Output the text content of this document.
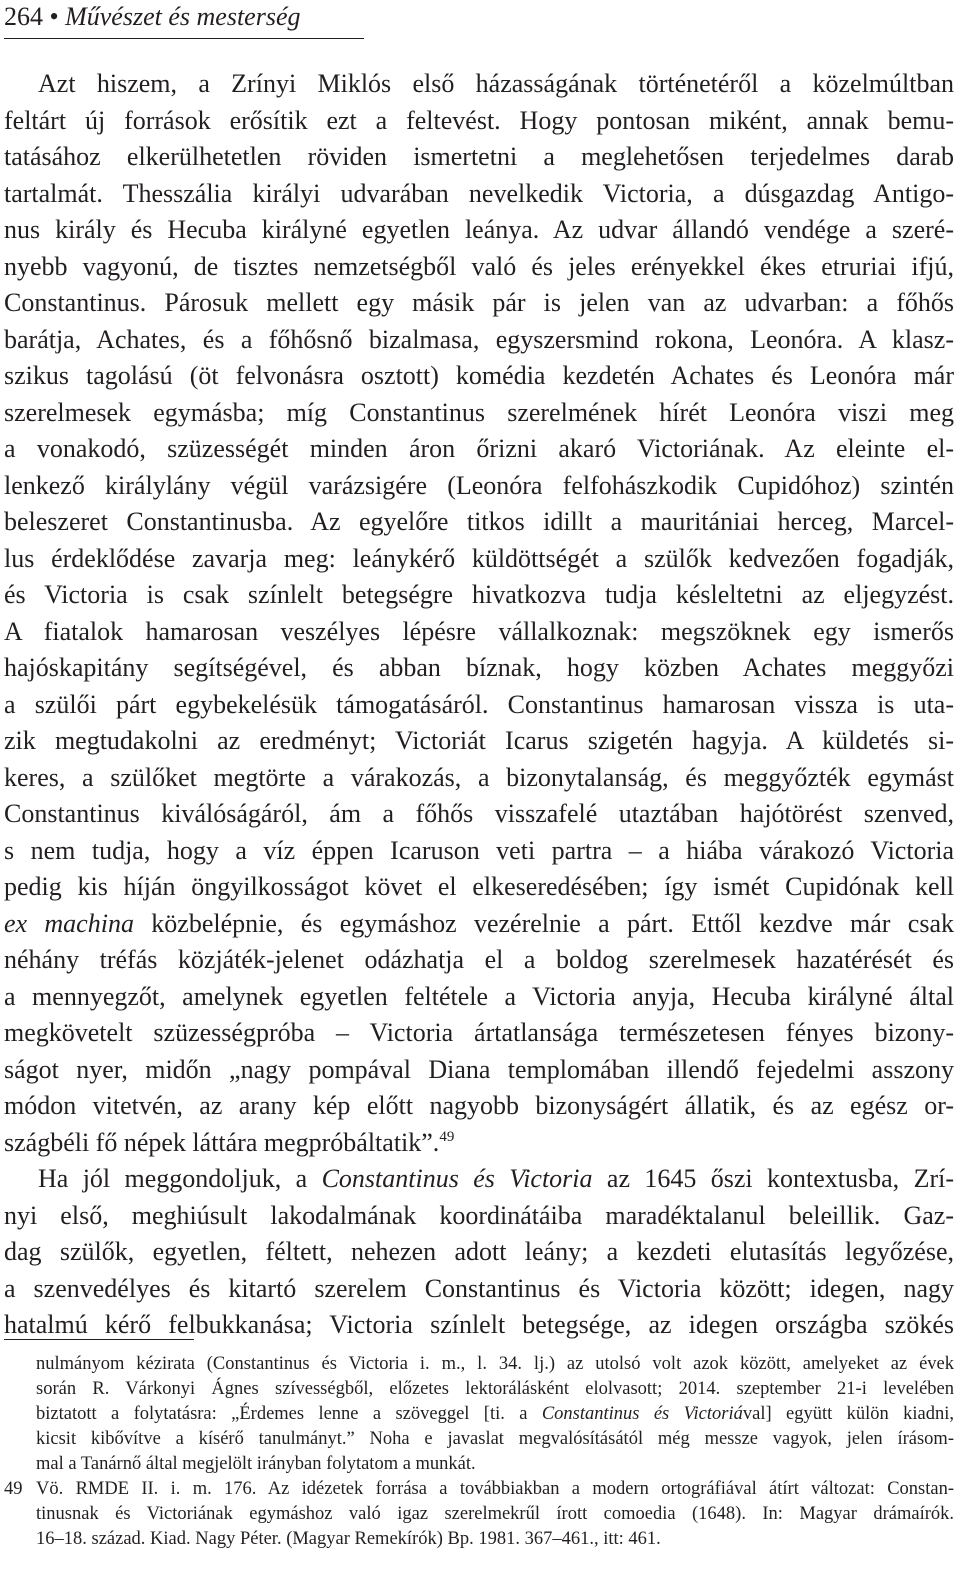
264 • Művészet és mesterség
Azt hiszem, a Zrínyi Miklós első házasságának történetéről a közelmúltban
feltárt új források erősítik ezt a feltevést. Hogy pontosan miként, annak bemu-
tatásához elkerülhetetlen röviden ismertetni a meglehetősen terjedelmes darab
tartalmát. Thesszália királyi udvarában nevelkedik Victoria, a dúsgazdag Antigo-
nus király és Hecuba királyné egyetlen leánya. Az udvar állandó vendége a szeré-
nyebb vagyonú, de tisztes nemzetségből való és jeles erényekkel ékes etruriai ifjú,
Constantinus. Párosuk mellett egy másik pár is jelen van az udvarban: a főhős
barátja, Achates, és a főhősnő bizalmasa, egyszersmind rokona, Leonóra. A klasz-
szikus tagolású (öt felvonásra osztott) komédia kezdetén Achates és Leonóra már
szerelmesek egymásba; míg Constantinus szerelmének hírét Leonóra viszi meg
a vonakodó, szüzességét minden áron őrizni akaró Victoriának. Az eleinte el-
lenkező királylány végül varázsigére (Leonóra felfohászkodik Cupidóhoz) szintén
beleszeret Constantinusba. Az egyelőre titkos idillt a mauritániai herceg, Marcel-
lus érdeklődése zavarja meg: leánykérő küldöttségét a szülők kedvezően fogadják,
és Victoria is csak színlelt betegségre hivatkozva tudja késleltetni az eljegyzést.
A fiatalok hamarosan veszélyes lépésre vállalkoznak: megszöknek egy ismerős
hajóskapitány segítségével, és abban bíznak, hogy közben Achates meggyőzi
a szülői párt egybekelésük támogatásáról. Constantinus hamarosan vissza is uta-
zik megtudakolni az eredményt; Victoriát Icarus szigetén hagyja. A küldetés si-
keres, a szülőket megtörte a várakozás, a bizonytalanság, és meggyőzték egymást
Constantinus kiválóságáról, ám a főhős visszafelé utaztában hajótörést szenved,
s nem tudja, hogy a víz éppen Icaruson veti partra – a hiába várakozó Victoria
pedig kis híján öngyilkosságot követ el elkeseredésében; így ismét Cupidónak kell
ex machina közbelépnie, és egymáshoz vezérelnie a párt. Ettől kezdve már csak
néhány tréfás közjáték-jelenet odázhatja el a boldog szerelmesek hazatérését és
a mennyegzőt, amelynek egyetlen feltétele a Victoria anyja, Hecuba királyné által
megkövetelt szüzességpróba – Victoria ártatlansága természetesen fényes bizony-
ságot nyer, midőn „nagy pompával Diana templomában illendő fejedelmi asszony
módon vitetvén, az arany kép előtt nagyobb bizonyságért állatik, és az egész or-
szágbéli fő népek láttára megpróbáltatik”.$^{49}$
Ha jól meggondoljuk, a Constantinus és Victoria az 1645 őszi kontextusba, Zrí-
nyi első, meghiúsult lakodalmának koordinátáiba maradéktalanul beleillik. Gaz-
dag szülők, egyetlen, féltett, nehezen adott leány; a kezdeti elutasítás legyőzése,
a szenvedélyes és kitartó szerelem Constantinus és Victoria között; idegen, nagy
hatalmú kérő felbukkanása; Victoria színlelt betegsége, az idegen országba szökés
nulmányom kézirata (Constantinus és Victoria i. m., l. 34. lj.) az utolsó volt azok között, amelyeket az évek
során R. Várkonyi Ágnes szívességből, előzetes lektorálásként elolvasott; 2014. szeptember 21-i levelében
biztatott a folytatásra: „Érdemes lenne a szöveggel [ti. a Constantinus és Victoriával] együtt külön kiadni,
kicsit kibővítve a kísérő tanulmányt.” Noha e javaslat megvalósításától még messze vagyok, jelen írásom-
mal a Tanárnő által megjelölt irányban folytatom a munkát.
49 Vö. RMDE II. i. m. 176. Az idézetek forrása a továbbiakban a modern ortográfiával átírt változat: Constan-
tinusnak és Victoriának egymáshoz való igaz szerelmekrűl írott comoedia (1648). In: Magyar drámaírók.
16–18. század. Kiad. Nagy Péter. (Magyar Remekírók) Bp. 1981. 367–461., itt: 461.
